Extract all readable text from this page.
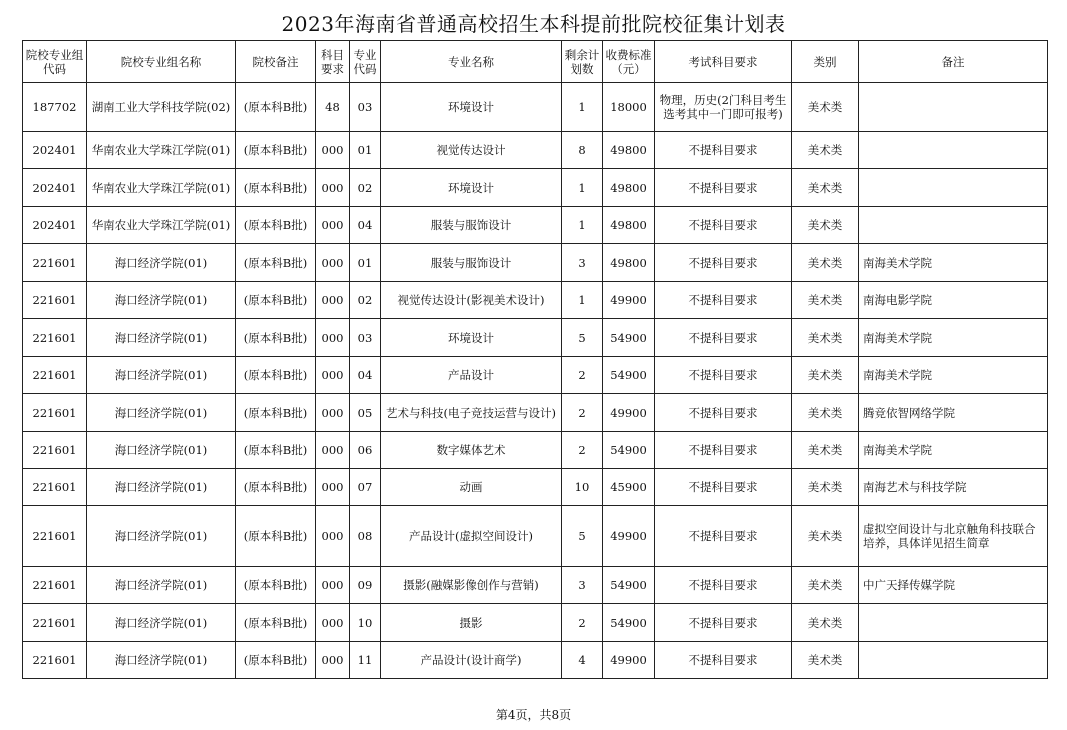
2023年海南省普通高校招生本科提前批院校征集计划表
院校专业组代码	院校专业组名称	院校备注	科目要求	专业代码	专业名称	剩余计划数	收费标准（元）	考试科目要求	类别	备注
187702	湖南工业大学科技学院(02)	(原本科B批)	48	03	环境设计	1	18000	物理，历史(2门科目考生选考其中一门即可报考)	美术类	
202401	华南农业大学珠江学院(01)	(原本科B批)	000	01	视觉传达设计	8	49800	不提科目要求	美术类	
202401	华南农业大学珠江学院(01)	(原本科B批)	000	02	环境设计	1	49800	不提科目要求	美术类	
202401	华南农业大学珠江学院(01)	(原本科B批)	000	04	服装与服饰设计	1	49800	不提科目要求	美术类	
221601	海口经济学院(01)	(原本科B批)	000	01	服装与服饰设计	3	49800	不提科目要求	美术类	南海美术学院
221601	海口经济学院(01)	(原本科B批)	000	02	视觉传达设计(影视美术设计)	1	49900	不提科目要求	美术类	南海电影学院
221601	海口经济学院(01)	(原本科B批)	000	03	环境设计	5	54900	不提科目要求	美术类	南海美术学院
221601	海口经济学院(01)	(原本科B批)	000	04	产品设计	2	54900	不提科目要求	美术类	南海美术学院
221601	海口经济学院(01)	(原本科B批)	000	05	艺术与科技(电子竞技运营与设计)	2	49900	不提科目要求	美术类	腾竞依智网络学院
221601	海口经济学院(01)	(原本科B批)	000	06	数字媒体艺术	2	54900	不提科目要求	美术类	南海美术学院
221601	海口经济学院(01)	(原本科B批)	000	07	动画	10	45900	不提科目要求	美术类	南海艺术与科技学院
221601	海口经济学院(01)	(原本科B批)	000	08	产品设计(虚拟空间设计)	5	49900	不提科目要求	美术类	虚拟空间设计与北京触角科技联合培养，具体详见招生简章
221601	海口经济学院(01)	(原本科B批)	000	09	摄影(融媒影像创作与营销)	3	54900	不提科目要求	美术类	中广天择传媒学院
221601	海口经济学院(01)	(原本科B批)	000	10	摄影	2	54900	不提科目要求	美术类	
221601	海口经济学院(01)	(原本科B批)	000	11	产品设计(设计商学)	4	49900	不提科目要求	美术类	
第4页，共8页
